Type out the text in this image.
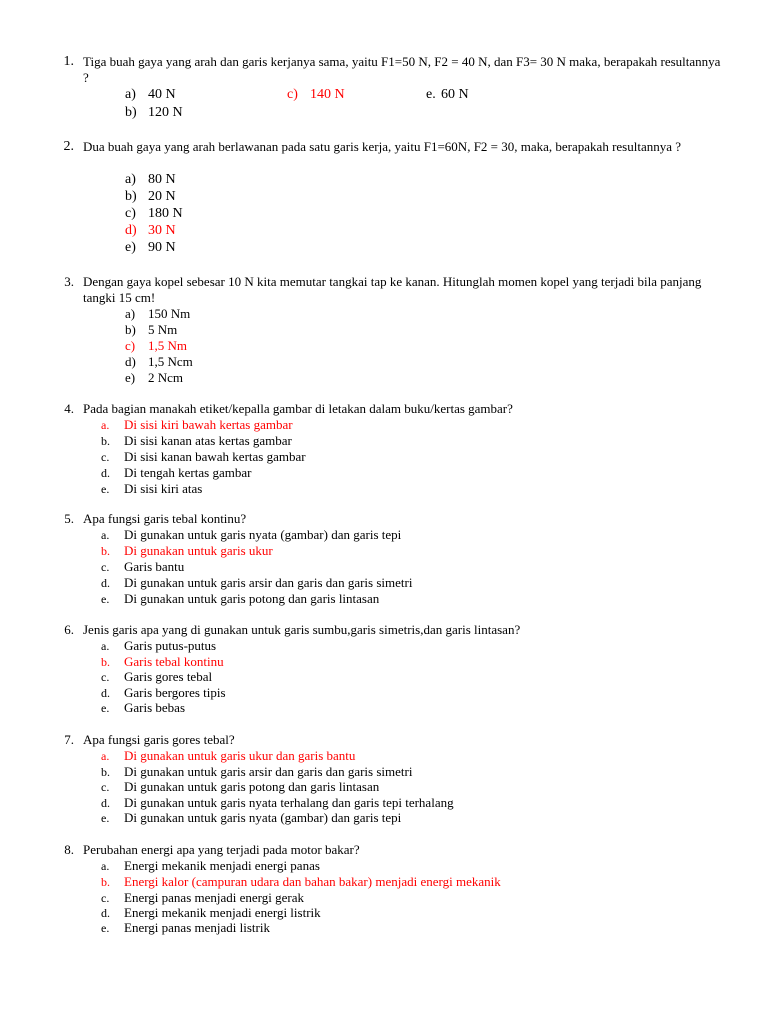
1. Tiga buah gaya yang arah dan garis kerjanya sama, yaitu F1=50 N, F2 = 40 N, dan F3= 30 N maka, berapakah resultannya ?
a) 40 N	c) 140 N	e. 60 N
b) 120 N
2. Dua buah gaya yang arah berlawanan pada satu garis kerja, yaitu F1=60N, F2 = 30, maka, berapakah resultannya ?
a) 80 N
b) 20 N
c) 180 N
d) 30 N
e) 90 N
3. Dengan gaya kopel sebesar 10 N kita memutar tangkai tap ke kanan. Hitunglah momen kopel yang terjadi bila panjang tangki 15 cm!
a) 150 Nm
b) 5 Nm
c) 1,5 Nm
d) 1,5 Ncm
e) 2 Ncm
4. Pada bagian manakah etiket/kepalla gambar di letakan dalam buku/kertas gambar?
a. Di sisi kiri bawah kertas gambar
b. Di sisi kanan atas kertas gambar
c. Di sisi kanan bawah kertas gambar
d. Di tengah kertas gambar
e. Di sisi kiri atas
5. Apa fungsi garis tebal kontinu?
a. Di gunakan untuk garis nyata (gambar) dan garis tepi
b. Di gunakan untuk garis ukur
c. Garis bantu
d. Di gunakan untuk garis arsir dan garis dan garis simetri
e. Di gunakan untuk garis potong dan garis lintasan
6. Jenis garis apa yang di gunakan untuk garis sumbu,garis simetris,dan garis lintasan?
a. Garis putus-putus
b. Garis tebal kontinu
c. Garis gores tebal
d. Garis bergores tipis
e. Garis bebas
7. Apa fungsi garis gores tebal?
a. Di gunakan untuk garis ukur dan garis bantu
b. Di gunakan untuk garis arsir dan garis dan garis simetri
c. Di gunakan untuk garis potong dan garis lintasan
d. Di gunakan untuk garis nyata terhalang dan garis tepi terhalang
e. Di gunakan untuk garis nyata (gambar) dan garis tepi
8. Perubahan energi apa yang terjadi pada motor bakar?
a. Energi mekanik menjadi energi panas
b. Energi kalor (campuran udara dan bahan bakar) menjadi energi mekanik
c. Energi panas menjadi energi gerak
d. Energi mekanik menjadi energi listrik
e. Energi panas menjadi listrik
